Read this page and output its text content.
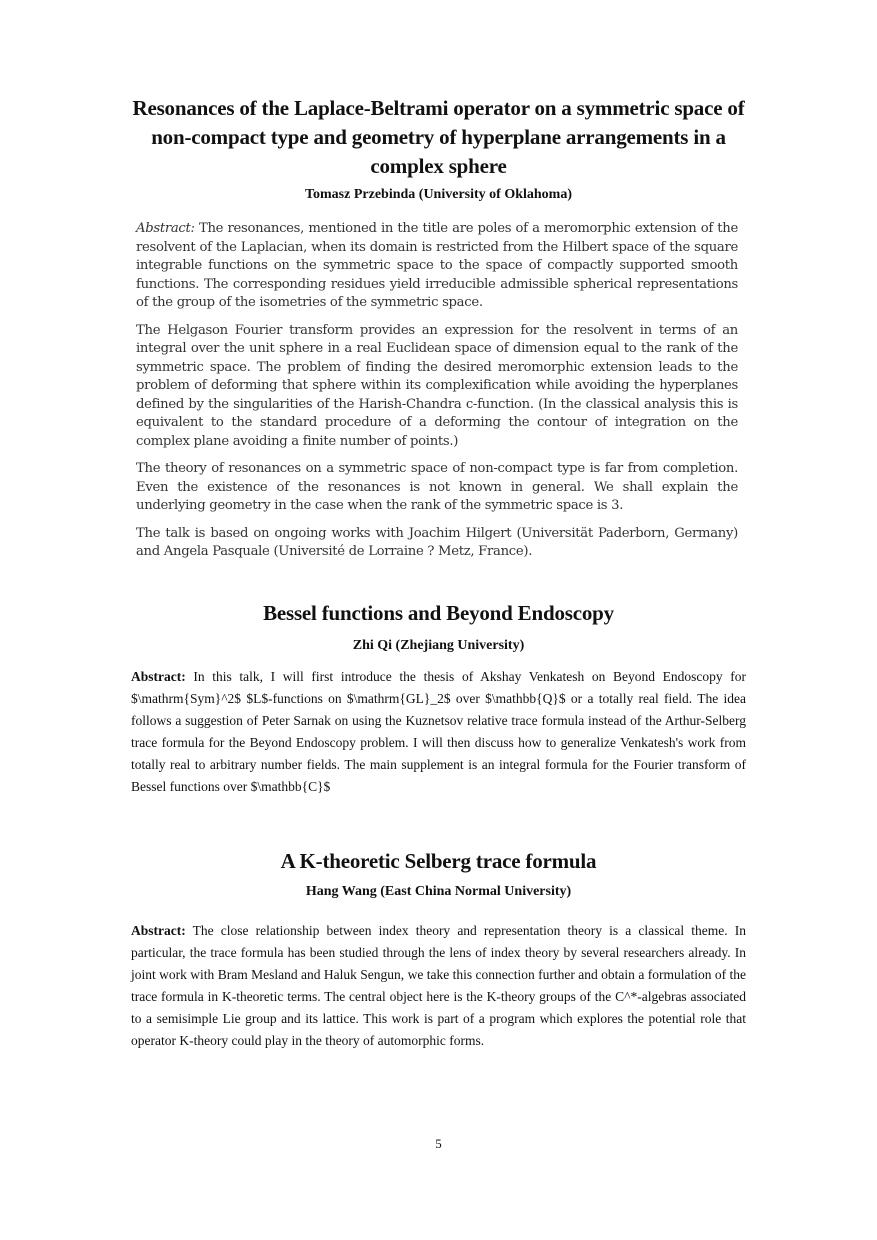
Resonances of the Laplace-Beltrami operator on a symmetric space of non-compact type and geometry of hyperplane arrangements in a complex sphere
Tomasz Przebinda (University of Oklahoma)

Abstract: The resonances, mentioned in the title are poles of a meromorphic extension of the resolvent of the Laplacian, when its domain is restricted from the Hilbert space of the square integrable functions on the symmetric space to the space of compactly supported smooth functions. The corresponding residues yield irreducible admissible spherical representations of the group of the isometries of the symmetric space.

The Helgason Fourier transform provides an expression for the resolvent in terms of an integral over the unit sphere in a real Euclidean space of dimension equal to the rank of the symmetric space. The problem of finding the desired meromorphic extension leads to the problem of deforming that sphere within its complexification while avoiding the hyperplanes defined by the singularities of the Harish-Chandra c-function. (In the classical analysis this is equivalent to the standard procedure of a deforming the contour of integration on the complex plane avoiding a finite number of points.)

The theory of resonances on a symmetric space of non-compact type is far from completion. Even the existence of the resonances is not known in general. We shall explain the underlying geometry in the case when the rank of the symmetric space is 3.

The talk is based on ongoing works with Joachim Hilgert (Universität Paderborn, Germany) and Angela Pasquale (Université de Lorraine ? Metz, France).

Bessel functions and Beyond Endoscopy
Zhi Qi (Zhejiang University)

Abstract: In this talk, I will first introduce the thesis of Akshay Venkatesh on Beyond Endoscopy for $\mathrm{Sym}^2$ $L$-functions on $\mathrm{GL}_2$ over $\mathbb{Q}$ or a totally real field. The idea follows a suggestion of Peter Sarnak on using the Kuznetsov relative trace formula instead of the Arthur-Selberg trace formula for the Beyond Endoscopy problem. I will then discuss how to generalize Venkatesh's work from totally real to arbitrary number fields. The main supplement is an integral formula for the Fourier transform of Bessel functions over $\mathbb{C}$

A K-theoretic Selberg trace formula
Hang Wang (East China Normal University)

Abstract: The close relationship between index theory and representation theory is a classical theme. In particular, the trace formula has been studied through the lens of index theory by several researchers already. In joint work with Bram Mesland and Haluk Sengun, we take this connection further and obtain a formulation of the trace formula in K-theoretic terms. The central object here is the K-theory groups of the C^*-algebras associated to a semisimple Lie group and its lattice. This work is part of a program which explores the potential role that operator K-theory could play in the theory of automorphic forms.

5
